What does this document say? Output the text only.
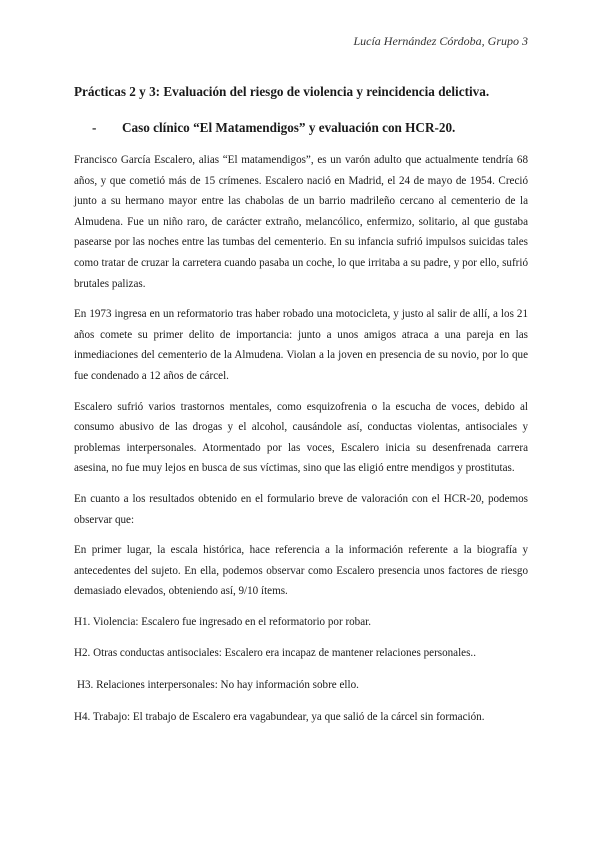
Lucía Hernández Córdoba, Grupo 3
Prácticas 2 y 3: Evaluación del riesgo de violencia y reincidencia delictiva.
- Caso clínico “El Matamendigos” y evaluación con HCR-20.

Francisco García Escalero, alias “El matamendigos”, es un varón adulto que actualmente tendría 68 años, y que cometió más de 15 crímenes. Escalero nació en Madrid, el 24 de mayo de 1954. Creció junto a su hermano mayor entre las chabolas de un barrio madrileño cercano al cementerio de la Almudena. Fue un niño raro, de carácter extraño, melancólico, enfermizo, solitario, al que gustaba pasearse por las noches entre las tumbas del cementerio. En su infancia sufrió impulsos suicidas tales como tratar de cruzar la carretera cuando pasaba un coche, lo que irritaba a su padre, y por ello, sufrió brutales palizas.

En 1973 ingresa en un reformatorio tras haber robado una motocicleta, y justo al salir de allí, a los 21 años comete su primer delito de importancia: junto a unos amigos atraca a una pareja en las inmediaciones del cementerio de la Almudena. Violan a la joven en presencia de su novio, por lo que fue condenado a 12 años de cárcel.

Escalero sufrió varios trastornos mentales, como esquizofrenia o la escucha de voces, debido al consumo abusivo de las drogas y el alcohol, causándole así, conductas violentas, antisociales y problemas interpersonales. Atormentado por las voces, Escalero inicia su desenfrenada carrera asesina, no fue muy lejos en busca de sus víctimas, sino que las eligió entre mendigos y prostitutas.

En cuanto a los resultados obtenido en el formulario breve de valoración con el HCR-20, podemos observar que:

En primer lugar, la escala histórica, hace referencia a la información referente a la biografía y antecedentes del sujeto. En ella, podemos observar como Escalero presencia unos factores de riesgo demasiado elevados, obteniendo así, 9/10 ítems.

H1. Violencia: Escalero fue ingresado en el reformatorio por robar.

H2. Otras conductas antisociales: Escalero era incapaz de mantener relaciones personales..

H3. Relaciones interpersonales: No hay información sobre ello.

H4. Trabajo: El trabajo de Escalero era vagabundear, ya que salió de la cárcel sin formación.
